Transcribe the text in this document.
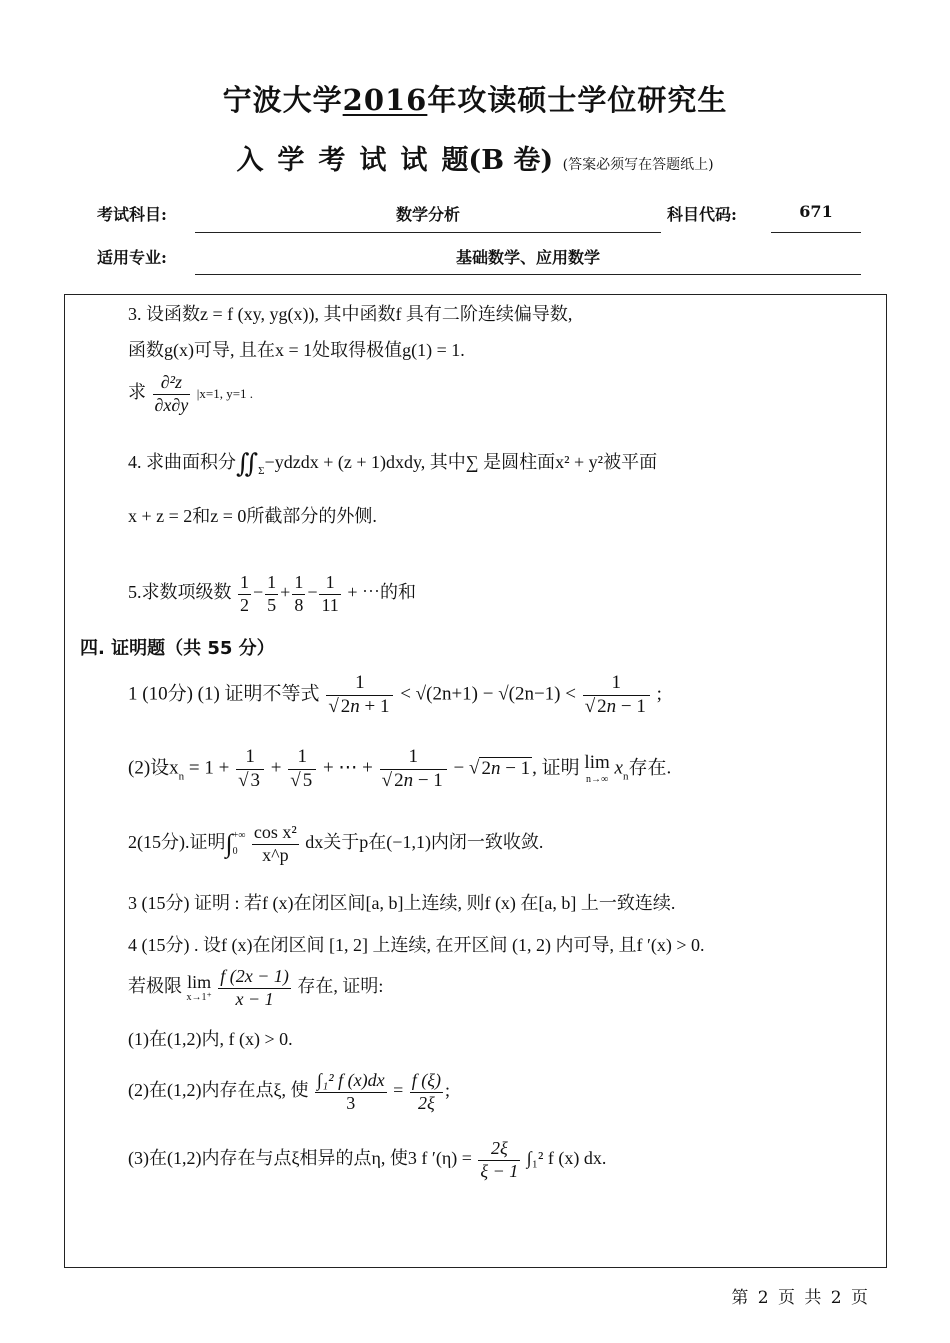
宁波大学2016年攻读硕士学位研究生
入学考试试题(B 卷) (答案必须写在答题纸上)
考试科目:	数学分析	科目代码:	671
适用专业:	基础数学、应用数学
3. 设函数z = f (xy, yg(x)), 其中函数f 具有二阶连续偏导数,
函数g(x)可导, 且在x = 1处取得极值g(1) = 1.
求 $\frac{\text{∂²z}}{\partial x\partial y} |x=1$, y=1 .
4. 求曲面积分$∬_\Sigma-ydzdx + (z$ + 1)dxdy, 其中∑ 是圆柱面x² + y²被平面
x + z = 2和z = 0所截部分的外侧.
5.求数项级数 $\frac{1}{2} - \frac{1}{5} + \frac{1}{8} - \frac{1}{11}$ + ⋯的和
四. 证明题（共 55 分）
1 (10分) (1) 证明不等式 $\frac{1}{√ 2n + 1} < √(2n+1) - √(2n-1) < \frac{1}{√ 2n - 1}$ ;
(2)设$x_n = 1 + \frac{1}{√ 3} + \frac{1}{√ 5}$ + ⋯ + $\frac{1}{√ 2n - 1}$ − √ 2n − 1 , 证明 lim
n→∞
$x_n$存在.
2(15分).证明∫ +∞
0
$\frac{\text{cos x²}}{x\^{}p}$ dx关于p在(−1,1)内闭一致收敛.
3 (15分) 证明 : 若f (x)在闭区间[a, b]上连续, 则f (x) 在[a, b] 上一致连续.
4 (15分) . 设f (x)在闭区间 [1, 2] 上连续, 在开区间 (1, 2) 内可导, 且f ′(x) > 0.
若极限 lim
x→1⁺
$\frac{f (2x - 1)}{x - 1}$ 存在, 证明:
(1)在(1,2)内, f (x) > 0.
(2)在(1,2)内存在点ξ, 使 $\frac{\text{∫₁² f (x)dx}}{3} = \frac{f (\xi)}{2\xi}$ ;
(3)在(1,2)内存在与点ξ相异的点η, 使3 f $'(\eta) = \frac{2\xi}{\xi - 1} \int_1^2$ f (x) dx.
第 2 页 共 2 页
